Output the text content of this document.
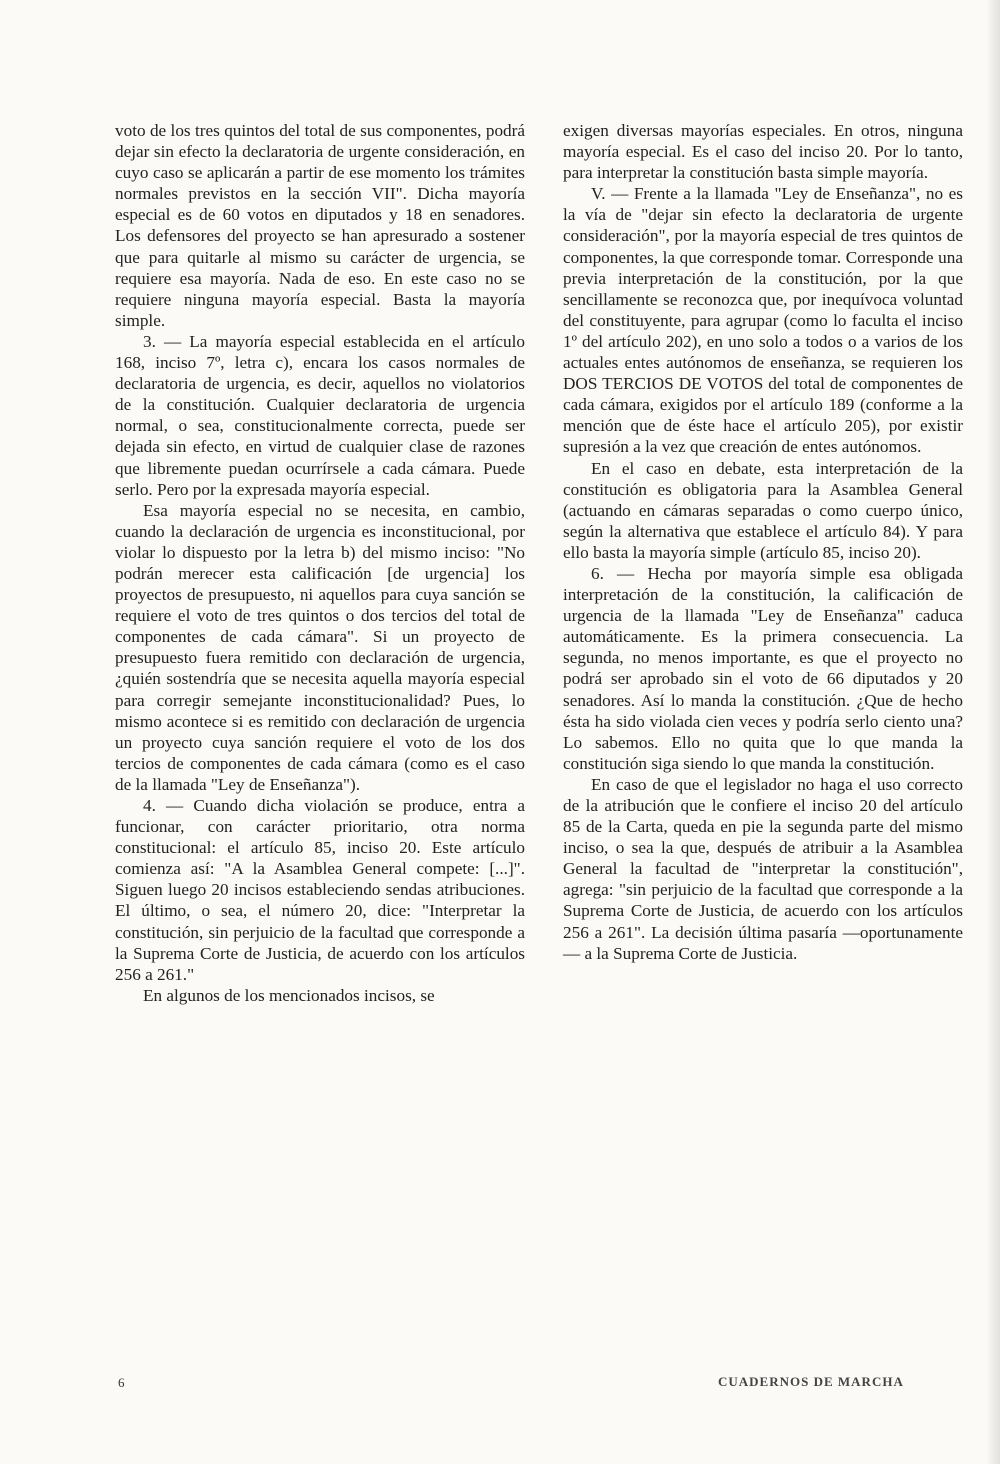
voto de los tres quintos del total de sus componentes, podrá dejar sin efecto la declaratoria de urgente consideración, en cuyo caso se aplicarán a partir de ese momento los trámites normales previstos en la sección VII". Dicha mayoría especial es de 60 votos en diputados y 18 en senadores. Los defensores del proyecto se han apresurado a sostener que para quitarle al mismo su carácter de urgencia, se requiere esa mayoría. Nada de eso. En este caso no se requiere ninguna mayoría especial. Basta la mayoría simple.

3. — La mayoría especial establecida en el artículo 168, inciso 7º, letra c), encara los casos normales de declaratoria de urgencia, es decir, aquellos no violatorios de la constitución. Cualquier declaratoria de urgencia normal, o sea, constitucionalmente correcta, puede ser dejada sin efecto, en virtud de cualquier clase de razones que libremente puedan ocurrírsele a cada cámara. Puede serlo. Pero por la expresada mayoría especial.

Esa mayoría especial no se necesita, en cambio, cuando la declaración de urgencia es inconstitucional, por violar lo dispuesto por la letra b) del mismo inciso: "No podrán merecer esta calificación [de urgencia] los proyectos de presupuesto, ni aquellos para cuya sanción se requiere el voto de tres quintos o dos tercios del total de componentes de cada cámara". Si un proyecto de presupuesto fuera remitido con declaración de urgencia, ¿quién sostendría que se necesita aquella mayoría especial para corregir semejante inconstitucionalidad? Pues, lo mismo acontece si es remitido con declaración de urgencia un proyecto cuya sanción requiere el voto de los dos tercios de componentes de cada cámara (como es el caso de la llamada "Ley de Enseñanza").

4. — Cuando dicha violación se produce, entra a funcionar, con carácter prioritario, otra norma constitucional: el artículo 85, inciso 20. Este artículo comienza así: "A la Asamblea General compete: [...]". Siguen luego 20 incisos estableciendo sendas atribuciones. El último, o sea, el número 20, dice: "Interpretar la constitución, sin perjuicio de la facultad que corresponde a la Suprema Corte de Justicia, de acuerdo con los artículos 256 a 261."

En algunos de los mencionados incisos, se

exigen diversas mayorías especiales. En otros, ninguna mayoría especial. Es el caso del inciso 20. Por lo tanto, para interpretar la constitución basta simple mayoría.

V. — Frente a la llamada "Ley de Enseñanza", no es la vía de "dejar sin efecto la declaratoria de urgente consideración", por la mayoría especial de tres quintos de componentes, la que corresponde tomar. Corresponde una previa interpretación de la constitución, por la que sencillamente se reconozca que, por inequívoca voluntad del constituyente, para agrupar (como lo faculta el inciso 1º del artículo 202), en uno solo a todos o a varios de los actuales entes autónomos de enseñanza, se requieren los DOS TERCIOS DE VOTOS del total de componentes de cada cámara, exigidos por el artículo 189 (conforme a la mención que de éste hace el artículo 205), por existir supresión a la vez que creación de entes autónomos.

En el caso en debate, esta interpretación de la constitución es obligatoria para la Asamblea General (actuando en cámaras separadas o como cuerpo único, según la alternativa que establece el artículo 84). Y para ello basta la mayoría simple (artículo 85, inciso 20).

6. — Hecha por mayoría simple esa obligada interpretación de la constitución, la calificación de urgencia de la llamada "Ley de Enseñanza" caduca automáticamente. Es la primera consecuencia. La segunda, no menos importante, es que el proyecto no podrá ser aprobado sin el voto de 66 diputados y 20 senadores. Así lo manda la constitución. ¿Que de hecho ésta ha sido violada cien veces y podría serlo ciento una? Lo sabemos. Ello no quita que lo que manda la constitución siga siendo lo que manda la constitución.

En caso de que el legislador no haga el uso correcto de la atribución que le confiere el inciso 20 del artículo 85 de la Carta, queda en pie la segunda parte del mismo inciso, o sea la que, después de atribuir a la Asamblea General la facultad de "interpretar la constitución", agrega: "sin perjuicio de la facultad que corresponde a la Suprema Corte de Justicia, de acuerdo con los artículos 256 a 261". La decisión última pasaría —oportunamente— a la Suprema Corte de Justicia.

6	CUADERNOS DE MARCHA
